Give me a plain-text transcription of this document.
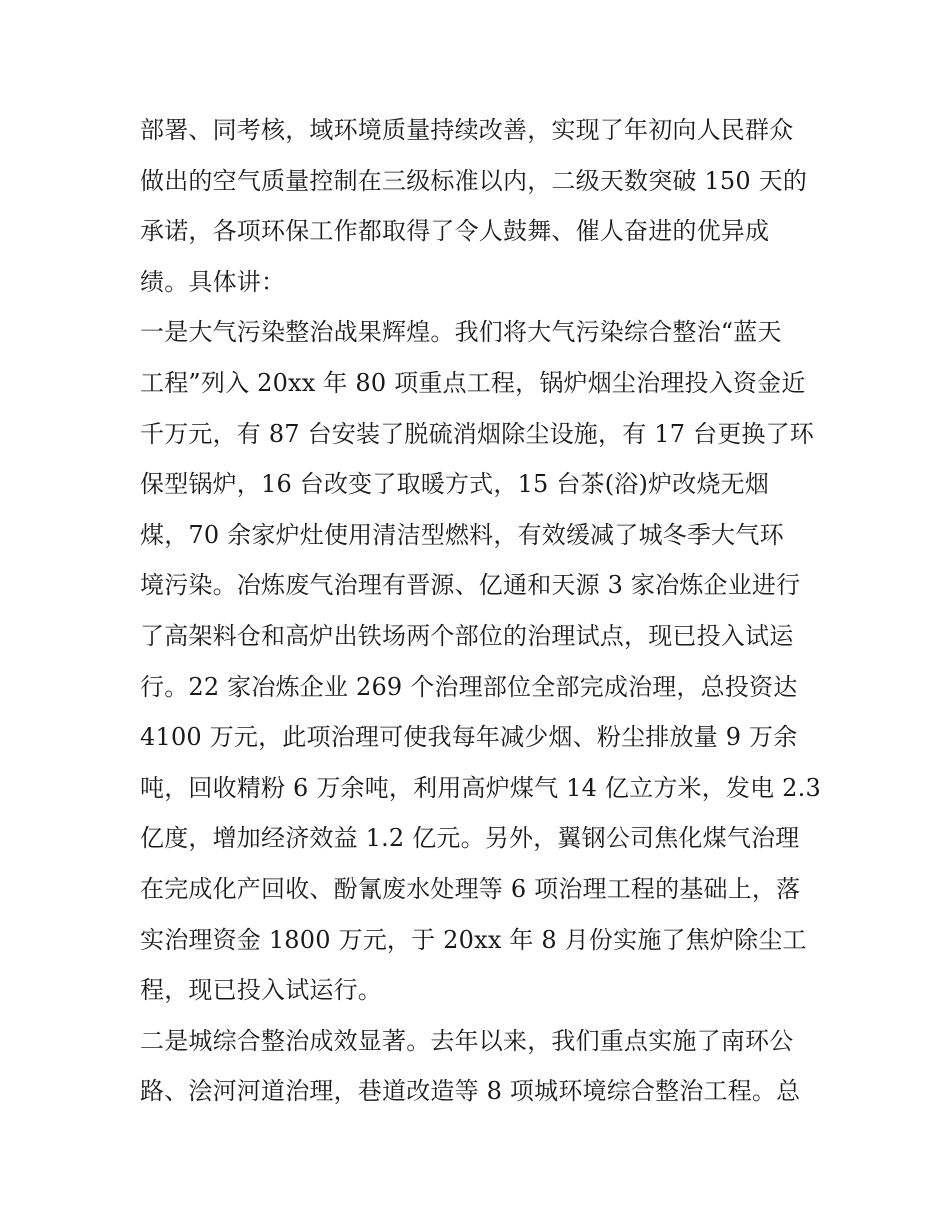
部署、同考核，域环境质量持续改善，实现了年初向人民群众
做出的空气质量控制在三级标准以内，二级天数突破 150 天的
承诺，各项环保工作都取得了令人鼓舞、催人奋进的优异成
绩。具体讲：
一是大气污染整治战果辉煌。我们将大气污染综合整治“蓝天
工程”列入 20xx 年 80 项重点工程，锅炉烟尘治理投入资金近
千万元，有 87 台安装了脱硫消烟除尘设施，有 17 台更换了环
保型锅炉，16 台改变了取暖方式，15 台茶(浴)炉改烧无烟
煤，70 余家炉灶使用清洁型燃料，有效缓减了城冬季大气环
境污染。冶炼废气治理有晋源、亿通和天源 3 家冶炼企业进行
了高架料仓和高炉出铁场两个部位的治理试点，现已投入试运
行。22 家冶炼企业 269 个治理部位全部完成治理，总投资达
4100 万元，此项治理可使我每年减少烟、粉尘排放量 9 万余
吨，回收精粉 6 万余吨，利用高炉煤气 14 亿立方米，发电 2.3
亿度，增加经济效益 1.2 亿元。另外，翼钢公司焦化煤气治理
在完成化产回收、酚氰废水处理等 6 项治理工程的基础上，落
实治理资金 1800 万元，于 20xx 年 8 月份实施了焦炉除尘工
程，现已投入试运行。
二是城综合整治成效显著。去年以来，我们重点实施了南环公
路、浍河河道治理，巷道改造等 8 项城环境综合整治工程。总
